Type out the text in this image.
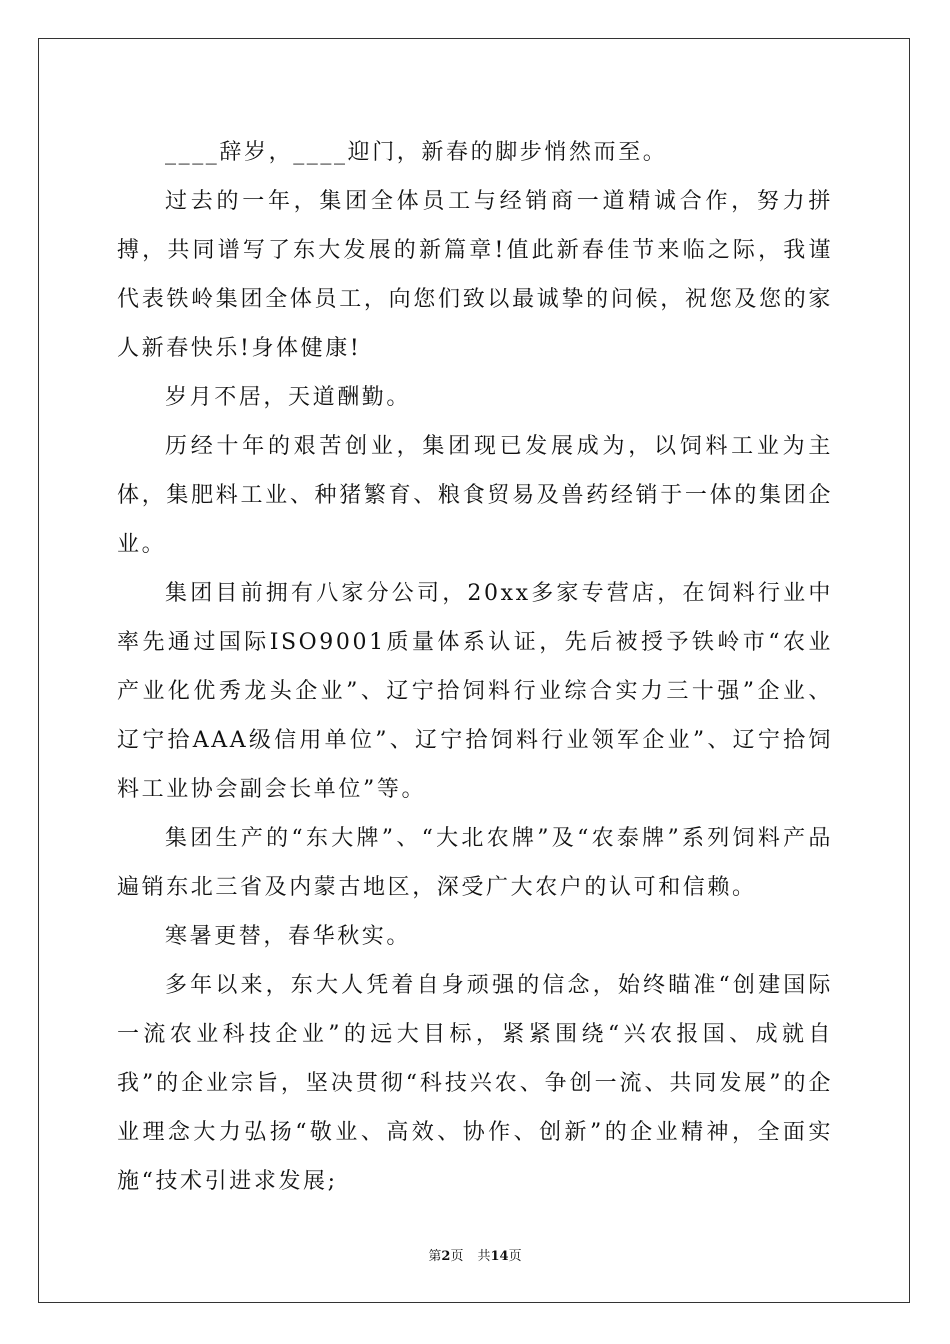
____辞岁，____迎门，新春的脚步悄然而至。

过去的一年，集团全体员工与经销商一道精诚合作，努力拼搏，共同谱写了东大发展的新篇章!值此新春佳节来临之际，我谨代表铁岭集团全体员工，向您们致以最诚挚的问候，祝您及您的家人新春快乐!身体健康!

岁月不居，天道酬勤。

历经十年的艰苦创业，集团现已发展成为，以饲料工业为主体，集肥料工业、种猪繁育、粮食贸易及兽药经销于一体的集团企业。

集团目前拥有八家分公司，20xx多家专营店，在饲料行业中率先通过国际ISO9001质量体系认证，先后被授予铁岭市“农业产业化优秀龙头企业”、辽宁拾饲料行业综合实力三十强”企业、辽宁拾AAA级信用单位”、辽宁拾饲料行业领军企业”、辽宁拾饲料工业协会副会长单位”等。

集团生产的“东大牌”、“大北农牌”及“农泰牌”系列饲料产品遍销东北三省及内蒙古地区，深受广大农户的认可和信赖。

寒暑更替，春华秋实。

多年以来，东大人凭着自身顽强的信念，始终瞄准“创建国际一流农业科技企业”的远大目标，紧紧围绕“兴农报国、成就自我”的企业宗旨，坚决贯彻“科技兴农、争创一流、共同发展”的企业理念大力弘扬“敬业、高效、协作、创新”的企业精神，全面实施“技术引进求发展;

第2页 共14页
